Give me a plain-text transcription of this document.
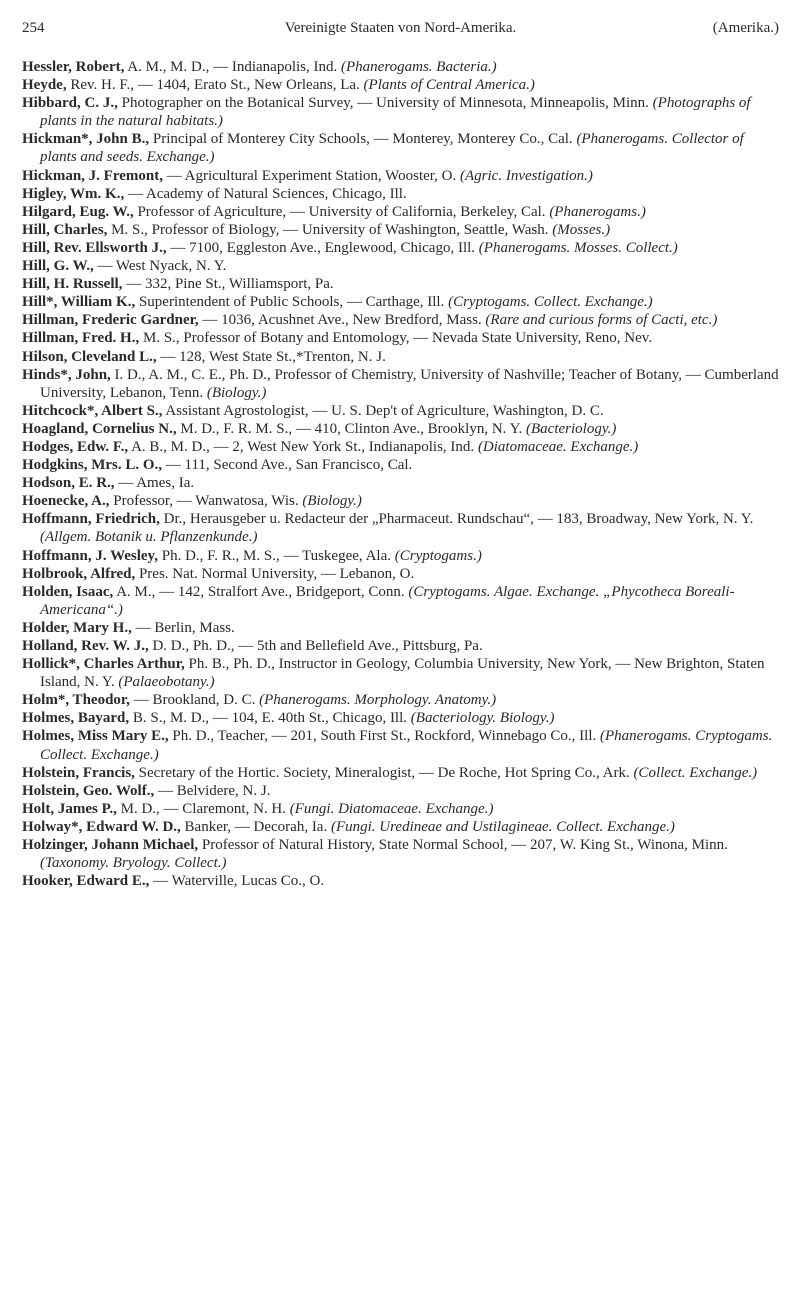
254	Vereinigte Staaten von Nord-Amerika.	(Amerika.)

Hessler, Robert, A. M., M. D., — Indianapolis, Ind. (Phanerogams. Bacteria.)

Heyde, Rev. H. F., — 1404, Erato St., New Orleans, La. (Plants of Central America.)

Hibbard, C. J., Photographer on the Botanical Survey, — University of Minnesota, Minneapolis, Minn. (Photographs of plants in the natural habitats.)

Hickman*, John B., Principal of Monterey City Schools, — Monterey, Monterey Co., Cal. (Phanerogams. Collector of plants and seeds. Exchange.)

Hickman, J. Fremont, — Agricultural Experiment Station, Wooster, O. (Agric. Investigation.)

Higley, Wm. K., — Academy of Natural Sciences, Chicago, Ill.

Hilgard, Eug. W., Professor of Agriculture, — University of California, Berkeley, Cal. (Phanerogams.)

Hill, Charles, M. S., Professor of Biology, — University of Washington, Seattle, Wash. (Mosses.)

Hill, Rev. Ellsworth J., — 7100, Eggleston Ave., Englewood, Chicago, Ill. (Phanerogams. Mosses. Collect.)

Hill, G. W., — West Nyack, N. Y.

Hill, H. Russell, — 332, Pine St., Williamsport, Pa.

Hill*, William K., Superintendent of Public Schools, — Carthage, Ill. (Cryptogams. Collect. Exchange.)

Hillman, Frederic Gardner, — 1036, Acushnet Ave., New Bredford, Mass. (Rare and curious forms of Cacti, etc.)

Hillman, Fred. H., M. S., Professor of Botany and Entomology, — Nevada State University, Reno, Nev.

Hilson, Cleveland L., — 128, West State St.,*Trenton, N. J.

Hinds*, John, I. D., A. M., C. E., Ph. D., Professor of Chemistry, University of Nashville; Teacher of Botany, — Cumberland University, Lebanon, Tenn. (Biology.)

Hitchcock*, Albert S., Assistant Agrostologist, — U. S. Dep't of Agriculture, Washington, D. C.

Hoagland, Cornelius N., M. D., F. R. M. S., — 410, Clinton Ave., Brooklyn, N. Y. (Bacteriology.)

Hodges, Edw. F., A. B., M. D., — 2, West New York St., Indianapolis, Ind. (Diatomaceae. Exchange.)

Hodgkins, Mrs. L. O., — 111, Second Ave., San Francisco, Cal.

Hodson, E. R., — Ames, Ia.

Hoenecke, A., Professor, — Wanwatosa, Wis. (Biology.)

Hoffmann, Friedrich, Dr., Herausgeber u. Redacteur der „Pharmaceut. Rundschau“, — 183, Broadway, New York, N. Y. (Allgem. Botanik u. Pflanzenkunde.)

Hoffmann, J. Wesley, Ph. D., F. R., M. S., — Tuskegee, Ala. (Cryptogams.)

Holbrook, Alfred, Pres. Nat. Normal University, — Lebanon, O.

Holden, Isaac, A. M., — 142, Stralfort Ave., Bridgeport, Conn. (Cryptogams. Algae. Exchange. „Phycotheca Boreali-Americana“.)

Holder, Mary H., — Berlin, Mass.

Holland, Rev. W. J., D. D., Ph. D., — 5th and Bellefield Ave., Pittsburg, Pa.

Hollick*, Charles Arthur, Ph. B., Ph. D., Instructor in Geology, Columbia University, New York, — New Brighton, Staten Island, N. Y. (Palaeobotany.)

Holm*, Theodor, — Brookland, D. C. (Phanerogams. Morphology. Anatomy.)

Holmes, Bayard, B. S., M. D., — 104, E. 40th St., Chicago, Ill. (Bacteriology. Biology.)

Holmes, Miss Mary E., Ph. D., Teacher, — 201, South First St., Rockford, Winnebago Co., Ill. (Phanerogams. Cryptogams. Collect. Exchange.)

Holstein, Francis, Secretary of the Hortic. Society, Mineralogist, — De Roche, Hot Spring Co., Ark. (Collect. Exchange.)

Holstein, Geo. Wolf., — Belvidere, N. J.

Holt, James P., M. D., — Claremont, N. H. (Fungi. Diatomaceae. Exchange.)

Holway*, Edward W. D., Banker, — Decorah, Ia. (Fungi. Uredineae and Ustilagineae. Collect. Exchange.)

Holzinger, Johann Michael, Professor of Natural History, State Normal School, — 207, W. King St., Winona, Minn. (Taxonomy. Bryology. Collect.)

Hooker, Edward E., — Waterville, Lucas Co., O.
